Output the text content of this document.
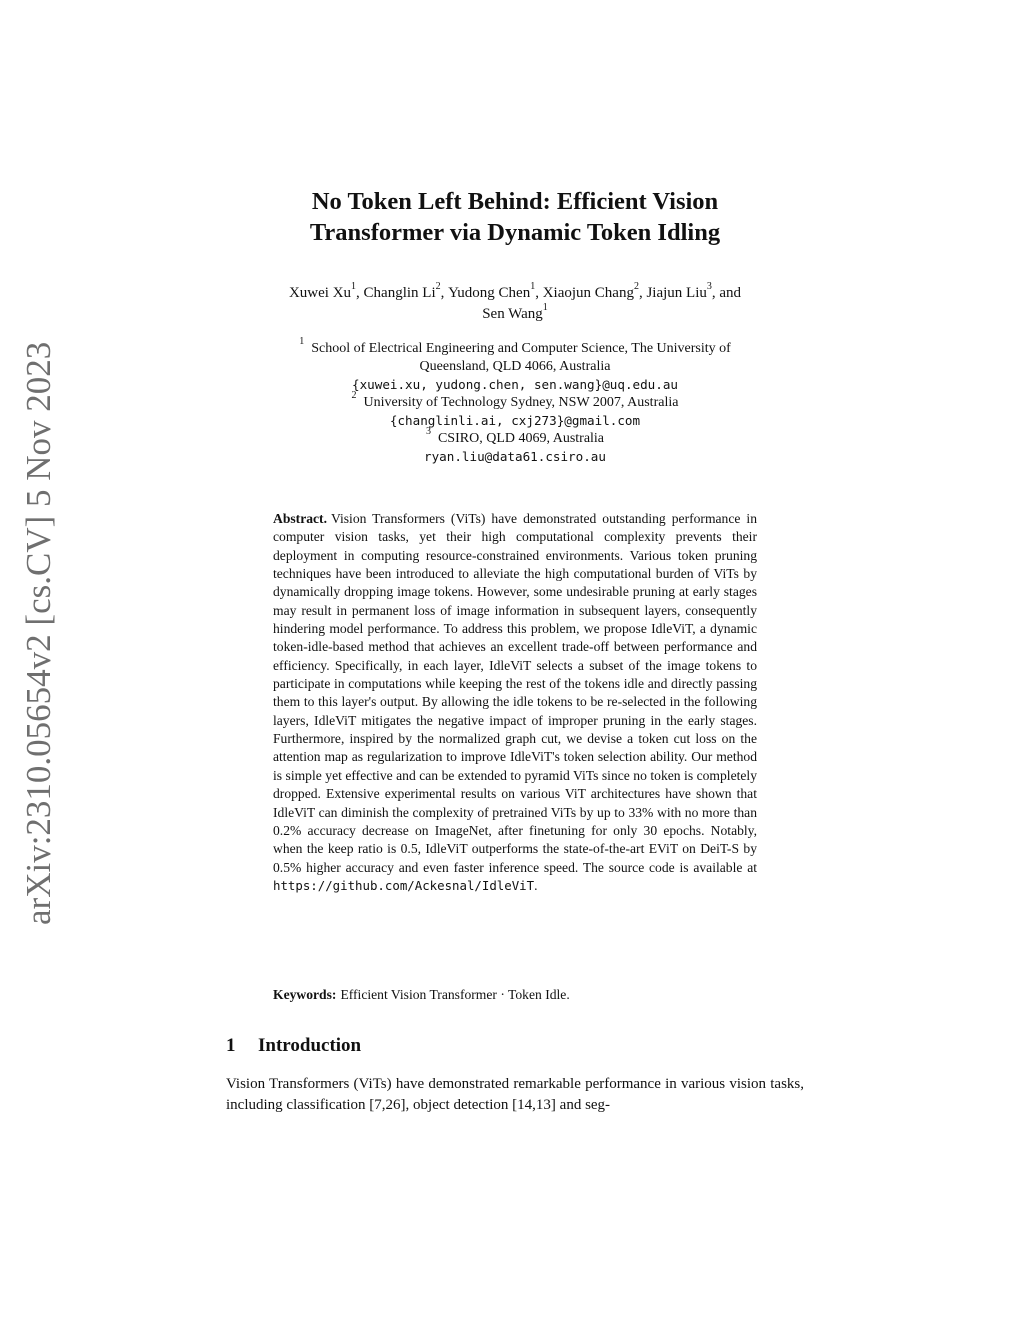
arXiv:2310.05654v2 [cs.CV] 5 Nov 2023
No Token Left Behind: Efficient Vision
Transformer via Dynamic Token Idling
Xuwei Xu$^1$, Changlin Li$^2$, Yudong Chen$^1$, Xiaojun Chang$^2$, Jiajun Liu$^3$, and
Sen Wang$^1$
$^1$ School of Electrical Engineering and Computer Science, The University of
Queensland, QLD 4066, Australia
{xuwei.xu, yudong.chen, sen.wang}@uq.edu.au
$^2$ University of Technology Sydney, NSW 2007, Australia
{changlinli.ai, cxj273}@gmail.com
$^3$ CSIRO, QLD 4069, Australia
ryan.liu@data61.csiro.au
Abstract. Vision Transformers (ViTs) have demonstrated outstanding performance in computer vision tasks, yet their high computational complexity prevents their deployment in computing resource-constrained environments. Various token pruning techniques have been introduced to alleviate the high computational burden of ViTs by dynamically dropping image tokens. However, some undesirable pruning at early stages may result in permanent loss of image information in subsequent layers, consequently hindering model performance. To address this problem, we propose IdleViT, a dynamic token-idle-based method that achieves an excellent trade-off between performance and efficiency. Specifically, in each layer, IdleViT selects a subset of the image tokens to participate in computations while keeping the rest of the tokens idle and directly passing them to this layer's output. By allowing the idle tokens to be re-selected in the following layers, IdleViT mitigates the negative impact of improper pruning in the early stages. Furthermore, inspired by the normalized graph cut, we devise a token cut loss on the attention map as regularization to improve IdleViT's token selection ability. Our method is simple yet effective and can be extended to pyramid ViTs since no token is completely dropped. Extensive experimental results on various ViT architectures have shown that IdleViT can diminish the complexity of pretrained ViTs by up to 33% with no more than 0.2% accuracy decrease on ImageNet, after finetuning for only 30 epochs. Notably, when the keep ratio is 0.5, IdleViT outperforms the state-of-the-art EViT on DeiT-S by 0.5% higher accuracy and even faster inference speed. The source code is available at https://github.com/Ackesnal/IdleViT.
Keywords: Efficient Vision Transformer · Token Idle.
1 Introduction
Vision Transformers (ViTs) have demonstrated remarkable performance in various vision tasks, including classification [7,26], object detection [14,13] and seg-
